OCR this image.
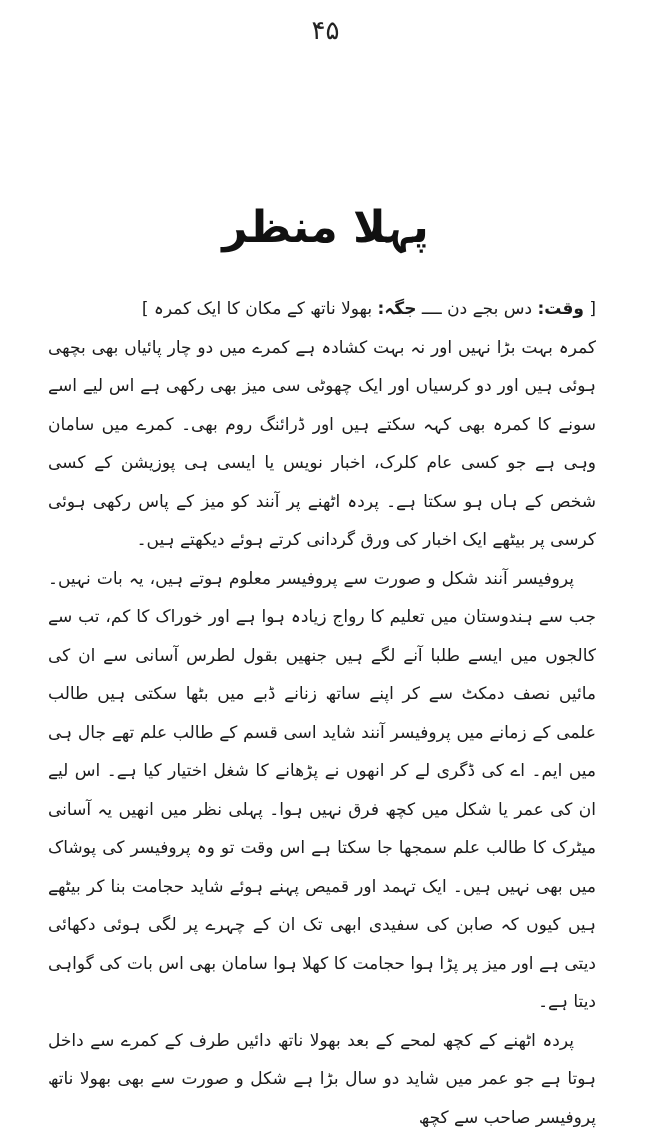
۴۵
پہلا منظر

[ وقت: دس بجے دن ــــ جگہ: بھولا ناتھ کے مکان کا ایک کمرہ ]

کمرہ بہت بڑا نہیں اور نہ بہت کشادہ ہے کمرے میں دو چار پائیاں بھی بچھی ہوئی ہیں اور دو کرسیاں اور ایک چھوٹی سی میز بھی رکھی ہے اس لیے اسے سونے کا کمرہ بھی کہہ سکتے ہیں اور ڈرائنگ روم بھی۔ کمرے میں سامان وہی ہے جو کسی عام کلرک، اخبار نویس یا ایسی ہی پوزیشن کے کسی شخص کے ہاں ہو سکتا ہے۔ پردہ اٹھنے پر آنند کو میز کے پاس رکھی ہوئی کرسی پر بیٹھے ایک اخبار کی ورق گردانی کرتے ہوئے دیکھتے ہیں۔

پروفیسر آنند شکل و صورت سے پروفیسر معلوم ہوتے ہیں، یہ بات نہیں۔ جب سے ہندوستان میں تعلیم کا رواج زیادہ ہوا ہے اور خوراک کا کم، تب سے کالجوں میں ایسے طلبا آنے لگے ہیں جنھیں بقول لطرس آسانی سے ان کی مائیں نصف دمکٹ سے کر اپنے ساتھ زنانے ڈبے میں بٹھا سکتی ہیں طالب علمی کے زمانے میں پروفیسر آنند شاید اسی قسم کے طالب علم تھے جال ہی میں ایم۔ اے کی ڈگری لے کر انھوں نے پڑھانے کا شغل اختیار کیا ہے۔ اس لیے ان کی عمر یا شکل میں کچھ فرق نہیں ہوا۔ پہلی نظر میں انھیں یہ آسانی میٹرک کا طالب علم سمجھا جا سکتا ہے اس وقت تو وہ پروفیسر کی پوشاک میں بھی نہیں ہیں۔ ایک تہمد اور قمیص پہنے ہوئے شاید حجامت بنا کر بیٹھے ہیں کیوں کہ صابن کی سفیدی ابھی تک ان کے چہرے پر لگی ہوئی دکھائی دیتی ہے اور میز پر پڑا ہوا حجامت کا کھلا ہوا سامان بھی اس بات کی گواہی دیتا ہے۔

پردہ اٹھنے کے کچھ لمحے کے بعد بھولا ناتھ دائیں طرف کے کمرے سے داخل ہوتا ہے جو عمر میں شاید دو سال بڑا ہے شکل و صورت سے بھی بھولا ناتھ پروفیسر صاحب سے کچھ
